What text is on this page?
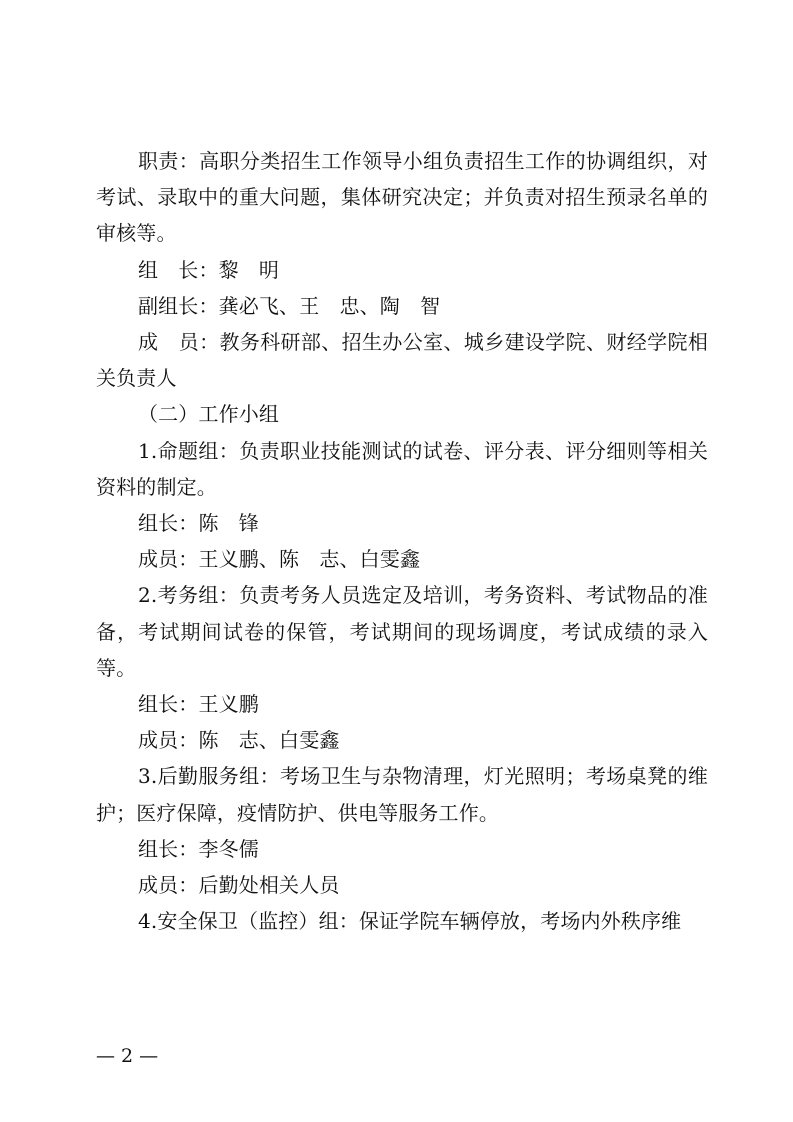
职责：高职分类招生工作领导小组负责招生工作的协调组织，对考试、录取中的重大问题，集体研究决定；并负责对招生预录名单的审核等。

组　长：黎　明

副组长：龚必飞、王　忠、陶　智

成　员：教务科研部、招生办公室、城乡建设学院、财经学院相关负责人

（二）工作小组

1.命题组：负责职业技能测试的试卷、评分表、评分细则等相关资料的制定。

组长：陈　锋

成员：王义鹏、陈　志、白雯鑫

2.考务组：负责考务人员选定及培训，考务资料、考试物品的准备，考试期间试卷的保管，考试期间的现场调度，考试成绩的录入等。

组长：王义鹏

成员：陈　志、白雯鑫

3.后勤服务组：考场卫生与杂物清理，灯光照明；考场桌凳的维护；医疗保障，疫情防护、供电等服务工作。

组长：李冬儒

成员：后勤处相关人员

4.安全保卫（监控）组：保证学院车辆停放，考场内外秩序维

— 2 —
